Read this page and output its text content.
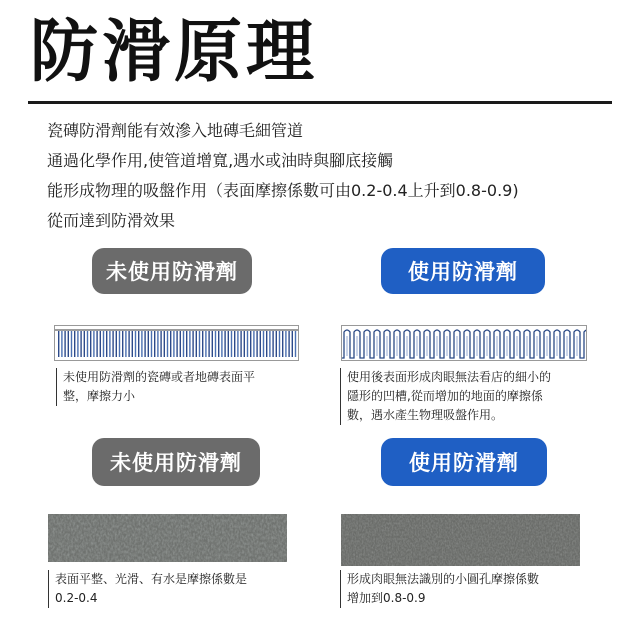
防滑原理
瓷磚防滑劑能有效滲入地磚毛細管道
通過化學作用,使管道增寬,遇水或油時與腳底接觸
能形成物理的吸盤作用（表面摩擦係數可由0.2-0.4上升到0.8-0.9)
從而達到防滑效果
未使用防滑劑	使用防滑劑
未使用防滑劑的瓷磚或者地磚表面平
整，摩擦力小
使用後表面形成肉眼無法看店的細小的
隱形的凹槽,從而增加的地面的摩擦係
數，遇水產生物理吸盤作用。
未使用防滑劑	使用防滑劑
表面平整、光滑、有水是摩擦係數是
0.2-0.4
形成肉眼無法識別的小圓孔摩擦係數
增加到0.8-0.9
